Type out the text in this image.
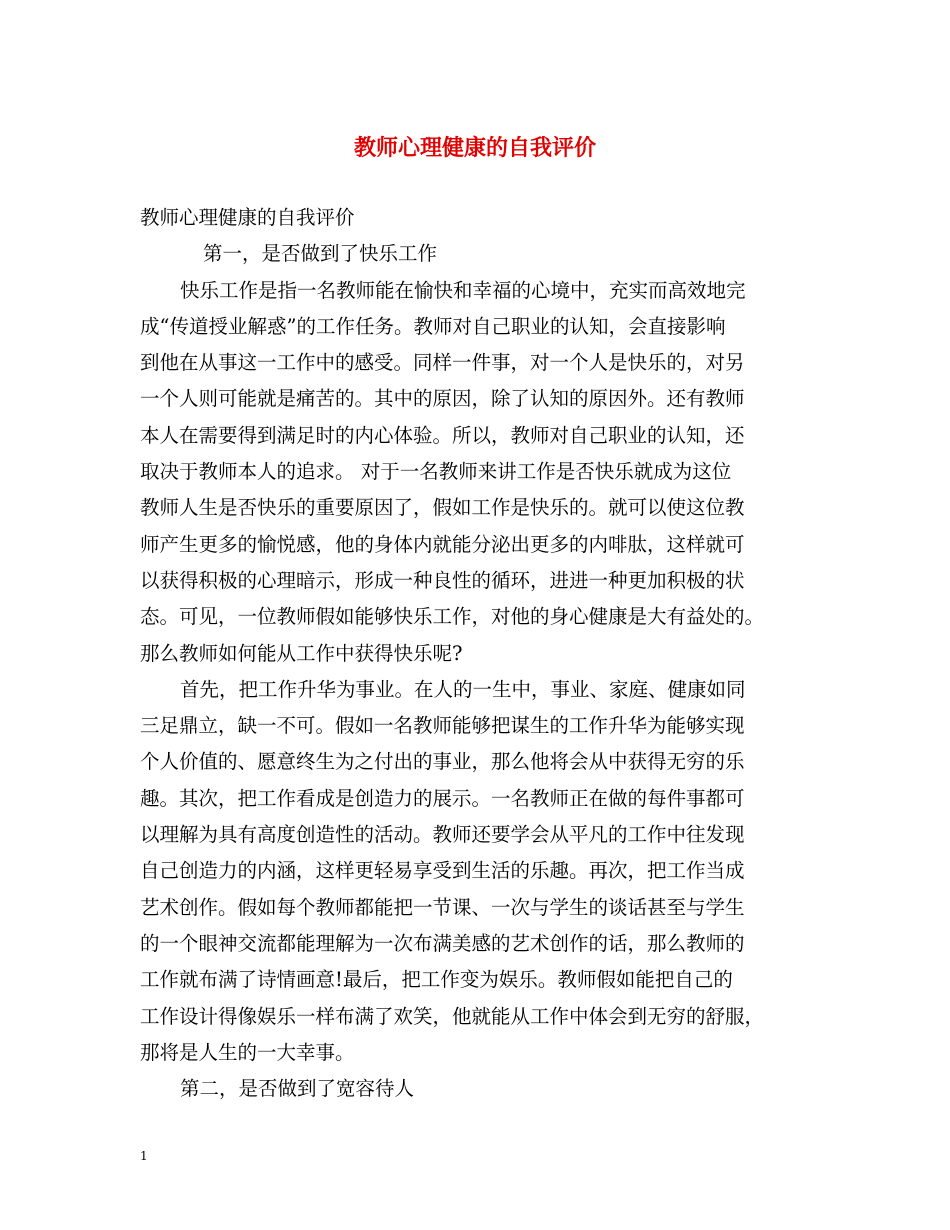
教师心理健康的自我评价
教师心理健康的自我评价
第一，是否做到了快乐工作
快乐工作是指一名教师能在愉快和幸福的心境中，充实而高效地完
成“传道授业解惑”的工作任务。教师对自己职业的认知，会直接影响
到他在从事这一工作中的感受。同样一件事，对一个人是快乐的，对另
一个人则可能就是痛苦的。其中的原因，除了认知的原因外。还有教师
本人在需要得到满足时的内心体验。所以，教师对自己职业的认知，还
取决于教师本人的追求。 对于一名教师来讲工作是否快乐就成为这位
教师人生是否快乐的重要原因了，假如工作是快乐的。就可以使这位教
师产生更多的愉悦感，他的身体内就能分泌出更多的内啡肽，这样就可
以获得积极的心理暗示，形成一种良性的循环，进进一种更加积极的状
态。可见，一位教师假如能够快乐工作，对他的身心健康是大有益处的。
那么教师如何能从工作中获得快乐呢?
首先，把工作升华为事业。在人的一生中，事业、家庭、健康如同
三足鼎立，缺一不可。假如一名教师能够把谋生的工作升华为能够实现
个人价值的、愿意终生为之付出的事业，那么他将会从中获得无穷的乐
趣。其次，把工作看成是创造力的展示。一名教师正在做的每件事都可
以理解为具有高度创造性的活动。教师还要学会从平凡的工作中往发现
自己创造力的内涵，这样更轻易享受到生活的乐趣。再次，把工作当成
艺术创作。假如每个教师都能把一节课、一次与学生的谈话甚至与学生
的一个眼神交流都能理解为一次布满美感的艺术创作的话，那么教师的
工作就布满了诗情画意!最后，把工作变为娱乐。教师假如能把自己的
工作设计得像娱乐一样布满了欢笑，他就能从工作中体会到无穷的舒服，
那将是人生的一大幸事。
第二，是否做到了宽容待人
1
